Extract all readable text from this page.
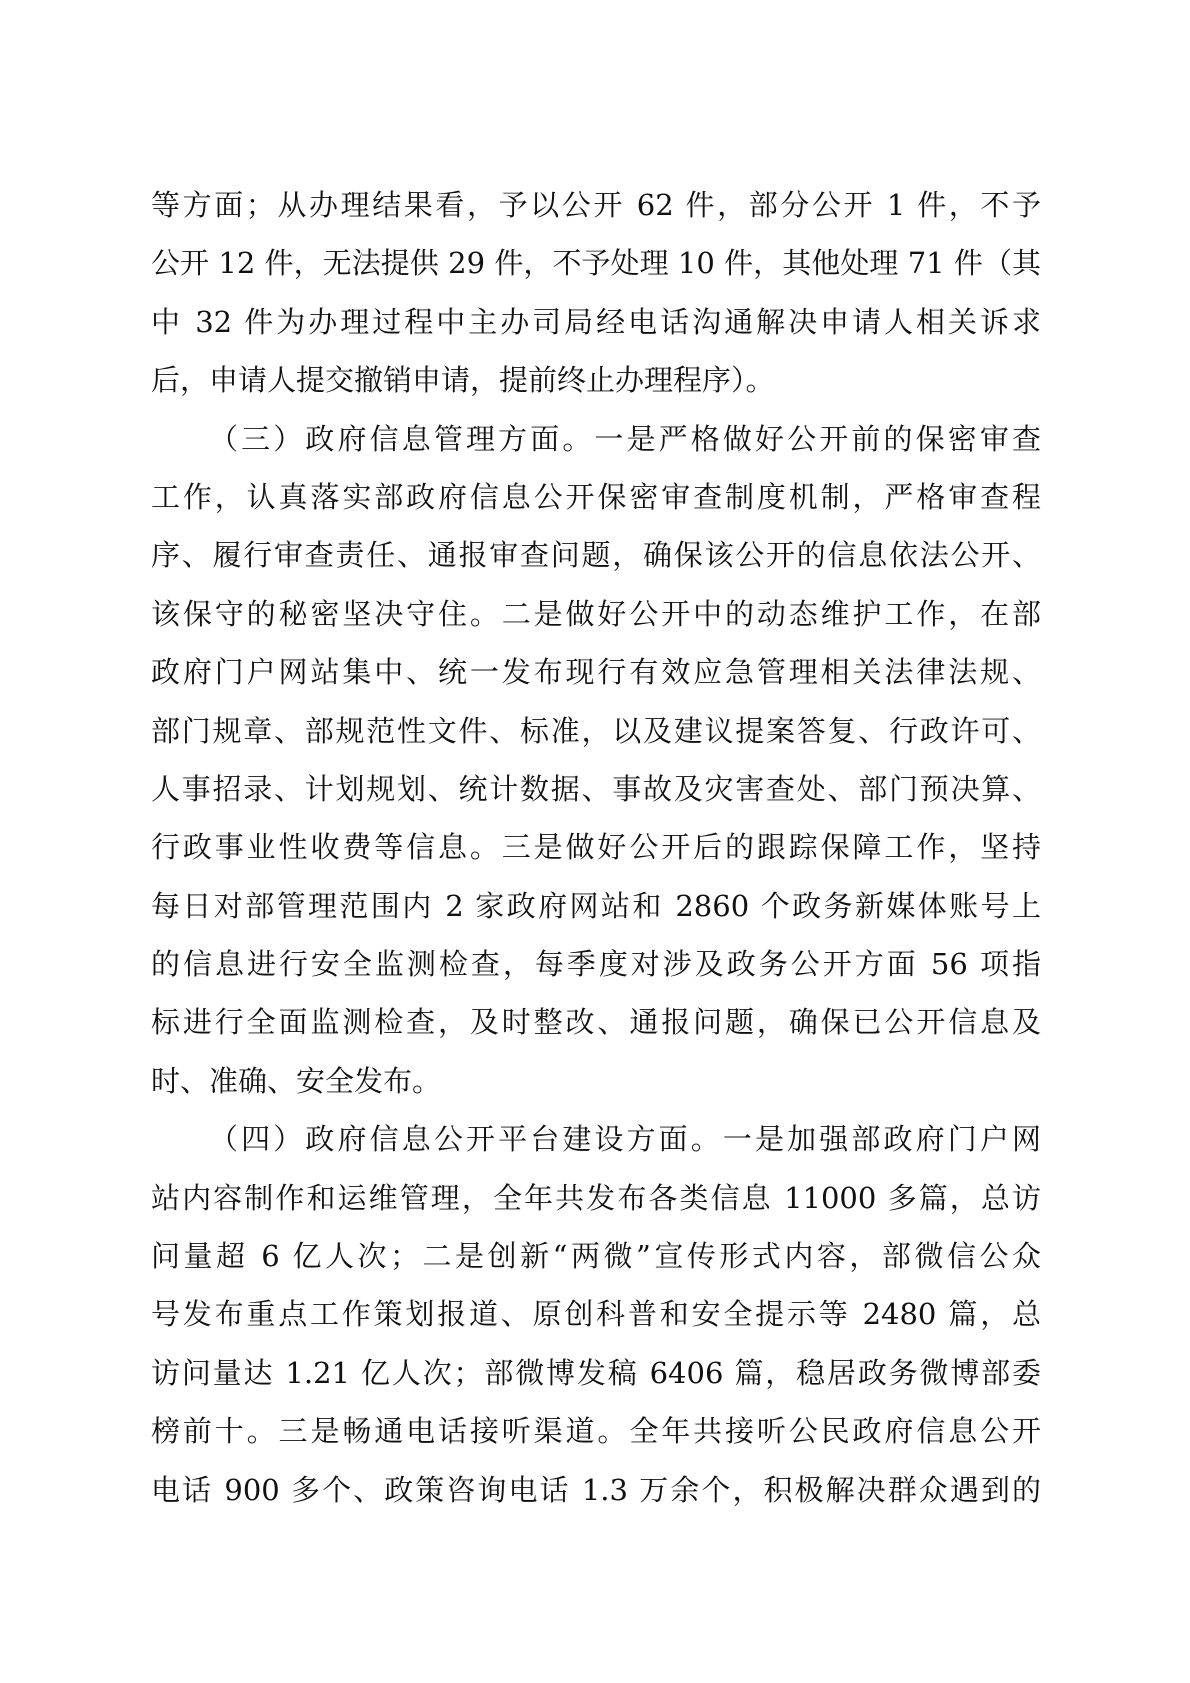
等方面；从办理结果看，予以公开 62 件，部分公开 1 件，不予
公开 12 件，无法提供 29 件，不予处理 10 件，其他处理 71 件（其
中 32 件为办理过程中主办司局经电话沟通解决申请人相关诉求
后，申请人提交撤销申请，提前终止办理程序）。
（三）政府信息管理方面。一是严格做好公开前的保密审查
工作，认真落实部政府信息公开保密审查制度机制，严格审查程
序、履行审查责任、通报审查问题，确保该公开的信息依法公开、
该保守的秘密坚决守住。二是做好公开中的动态维护工作，在部
政府门户网站集中、统一发布现行有效应急管理相关法律法规、
部门规章、部规范性文件、标准，以及建议提案答复、行政许可、
人事招录、计划规划、统计数据、事故及灾害查处、部门预决算、
行政事业性收费等信息。三是做好公开后的跟踪保障工作，坚持
每日对部管理范围内 2 家政府网站和 2860 个政务新媒体账号上
的信息进行安全监测检查，每季度对涉及政务公开方面 56 项指
标进行全面监测检查，及时整改、通报问题，确保已公开信息及
时、准确、安全发布。
（四）政府信息公开平台建设方面。一是加强部政府门户网
站内容制作和运维管理，全年共发布各类信息 11000 多篇，总访
问量超 6 亿人次；二是创新“两微”宣传形式内容，部微信公众
号发布重点工作策划报道、原创科普和安全提示等 2480 篇，总
访问量达 1.21 亿人次；部微博发稿 6406 篇，稳居政务微博部委
榜前十。三是畅通电话接听渠道。全年共接听公民政府信息公开
电话 900 多个、政策咨询电话 1.3 万余个，积极解决群众遇到的
